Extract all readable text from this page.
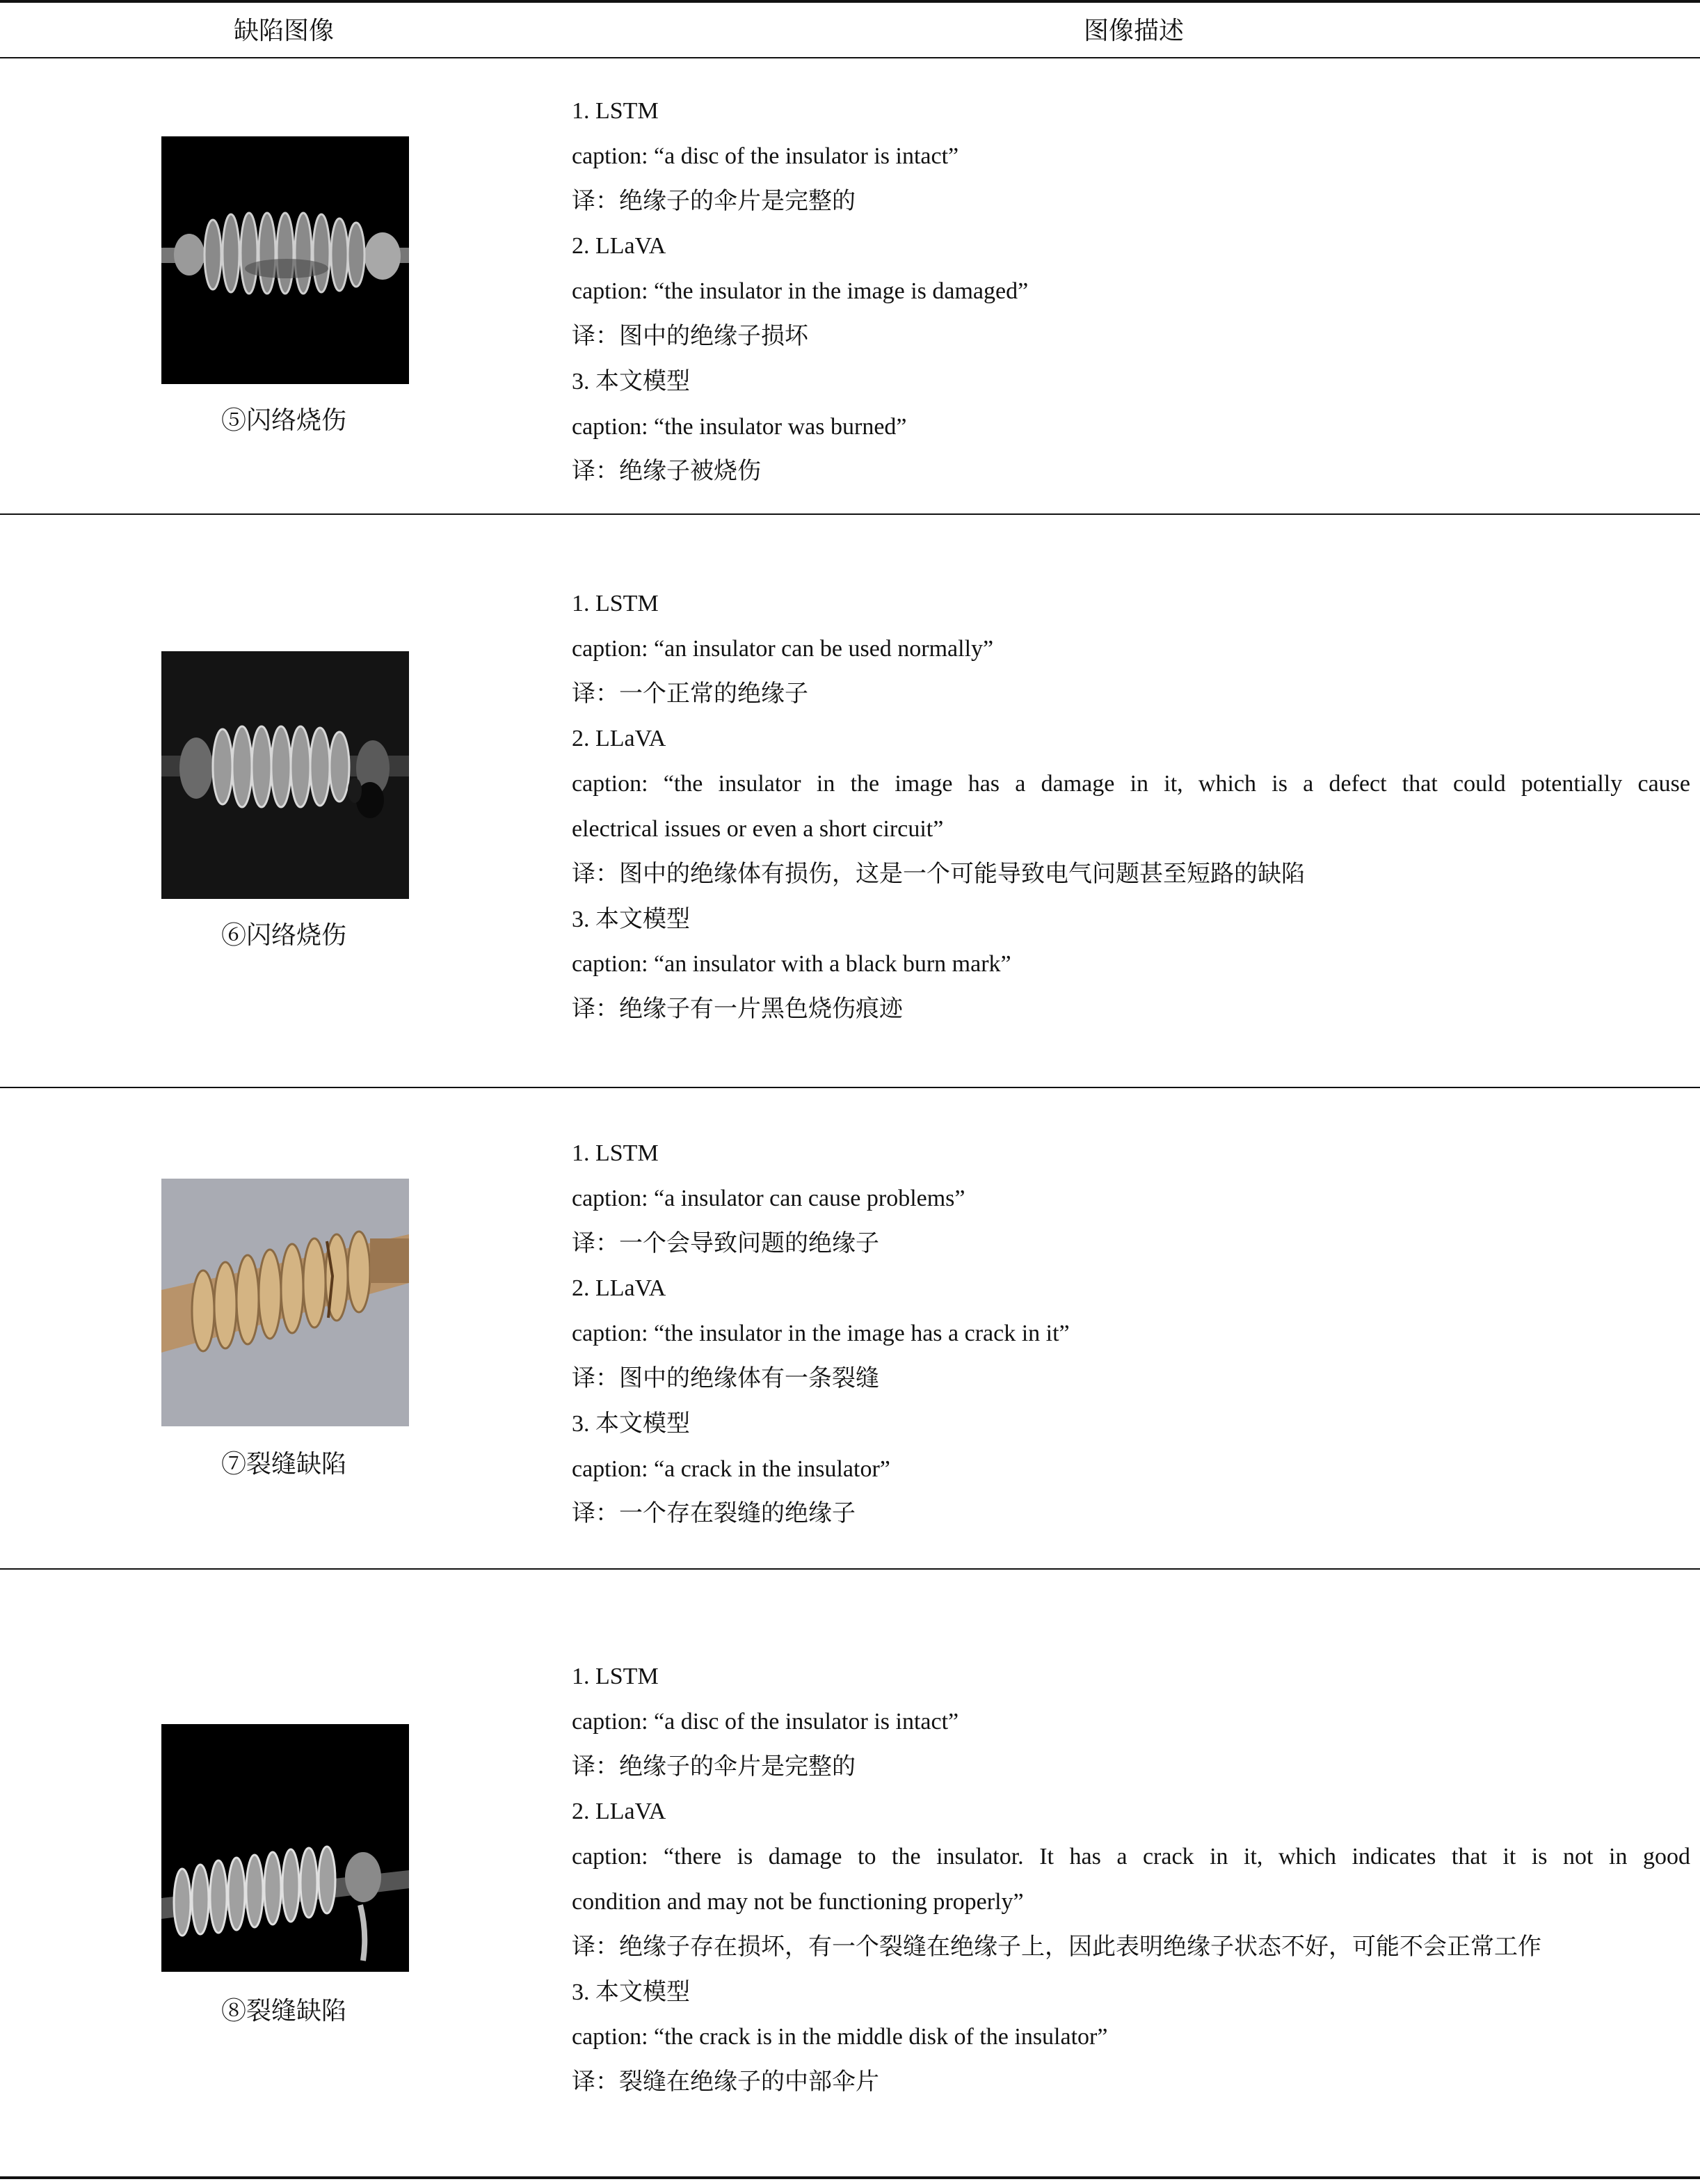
缺陷图像	图像描述
⑤闪络烧伤
1. LSTM
caption: “a disc of the insulator is intact”
译：绝缘子的伞片是完整的
2. LLaVA
caption: “the insulator in the image is damaged”
译：图中的绝缘子损坏
3. 本文模型
caption: “the insulator was burned”
译：绝缘子被烧伤
⑥闪络烧伤
1. LSTM
caption: “an insulator can be used normally”
译：一个正常的绝缘子
2. LLaVA
caption: “the insulator in the image has a damage in it, which is a defect that could potentially cause
electrical issues or even a short circuit”
译：图中的绝缘体有损伤，这是一个可能导致电气问题甚至短路的缺陷
3. 本文模型
caption: “an insulator with a black burn mark”
译：绝缘子有一片黑色烧伤痕迹
⑦裂缝缺陷
1. LSTM
caption: “a insulator can cause problems”
译：一个会导致问题的绝缘子
2. LLaVA
caption: “the insulator in the image has a crack in it”
译：图中的绝缘体有一条裂缝
3. 本文模型
caption: “a crack in the insulator”
译：一个存在裂缝的绝缘子
⑧裂缝缺陷
1. LSTM
caption: “a disc of the insulator is intact”
译：绝缘子的伞片是完整的
2. LLaVA
caption: “there is damage to the insulator. It has a crack in it, which indicates that it is not in good
condition and may not be functioning properly”
译：绝缘子存在损坏，有一个裂缝在绝缘子上，因此表明绝缘子状态不好，可能不会正常工作
3. 本文模型
caption: “the crack is in the middle disk of the insulator”
译：裂缝在绝缘子的中部伞片
